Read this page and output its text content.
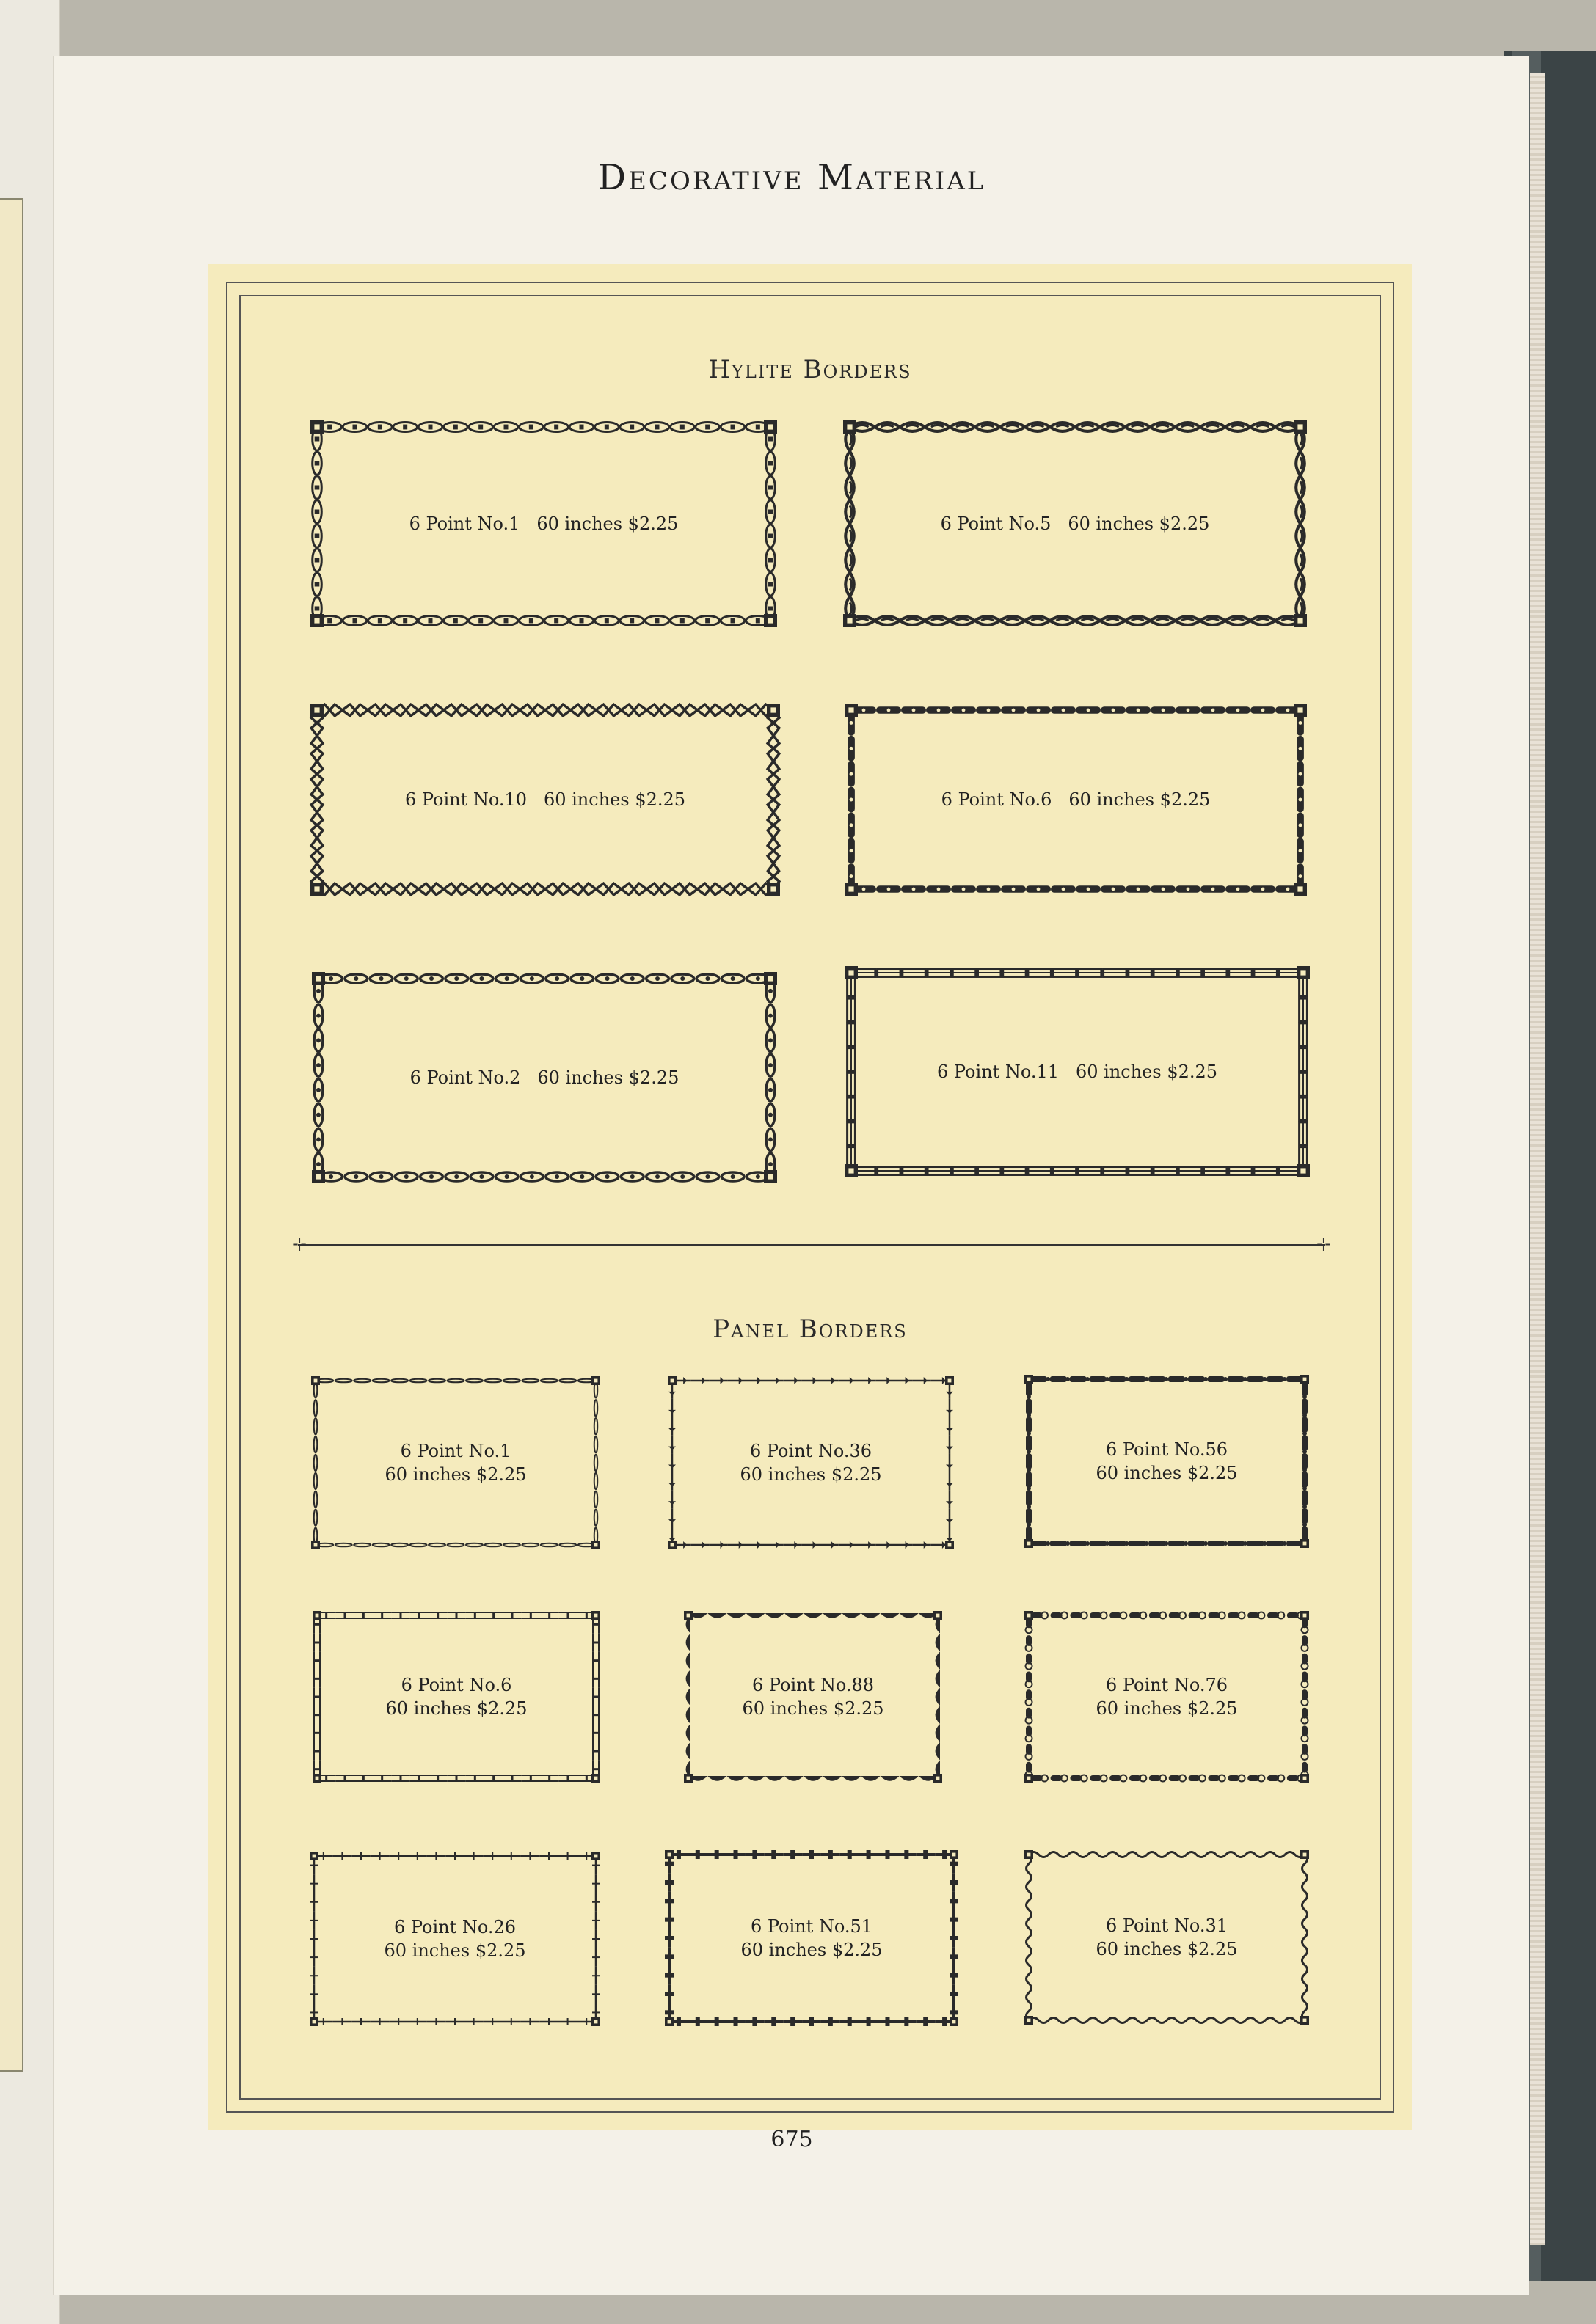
Decorative Material
Hylite Borders
6 Point No.1   60 inches $2.25	6 Point No.5   60 inches $2.25
6 Point No.10   60 inches $2.25	6 Point No.6   60 inches $2.25
6 Point No.2   60 inches $2.25	6 Point No.11   60 inches $2.25
⊹	⊹
Panel Borders
6 Point No.1
60 inches $2.25
6 Point No.36
60 inches $2.25
6 Point No.56
60 inches $2.25
6 Point No.6
60 inches $2.25
6 Point No.88
60 inches $2.25
6 Point No.76
60 inches $2.25
6 Point No.26
60 inches $2.25
6 Point No.51
60 inches $2.25
6 Point No.31
60 inches $2.25
675
